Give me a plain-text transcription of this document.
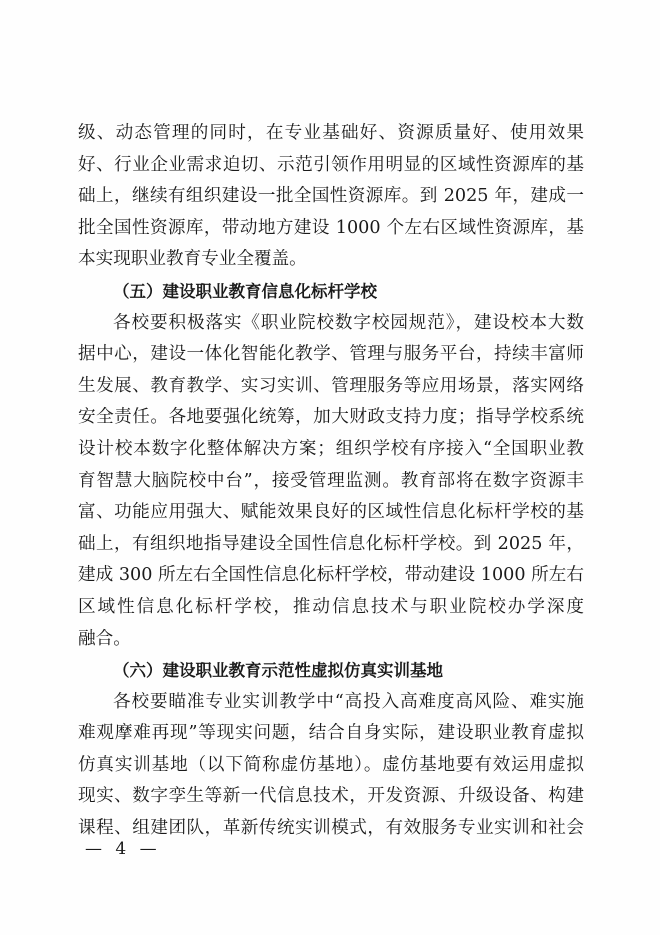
级、动态管理的同时，在专业基础好、资源质量好、使用效果
好、行业企业需求迫切、示范引领作用明显的区域性资源库的基
础上，继续有组织建设一批全国性资源库。到 2025 年，建成一
批全国性资源库，带动地方建设 1000 个左右区域性资源库，基
本实现职业教育专业全覆盖。
（五）建设职业教育信息化标杆学校
各校要积极落实《职业院校数字校园规范》，建设校本大数
据中心，建设一体化智能化教学、管理与服务平台，持续丰富师
生发展、教育教学、实习实训、管理服务等应用场景，落实网络
安全责任。各地要强化统筹，加大财政支持力度；指导学校系统
设计校本数字化整体解决方案；组织学校有序接入“全国职业教
育智慧大脑院校中台”，接受管理监测。教育部将在数字资源丰
富、功能应用强大、赋能效果良好的区域性信息化标杆学校的基
础上，有组织地指导建设全国性信息化标杆学校。到 2025 年，
建成 300 所左右全国性信息化标杆学校，带动建设 1000 所左右
区域性信息化标杆学校，推动信息技术与职业院校办学深度
融合。
（六）建设职业教育示范性虚拟仿真实训基地
各校要瞄准专业实训教学中“高投入高难度高风险、难实施
难观摩难再现”等现实问题，结合自身实际，建设职业教育虚拟
仿真实训基地（以下简称虚仿基地）。虚仿基地要有效运用虚拟
现实、数字孪生等新一代信息技术，开发资源、升级设备、构建
课程、组建团队，革新传统实训模式，有效服务专业实训和社会
— 4 —
